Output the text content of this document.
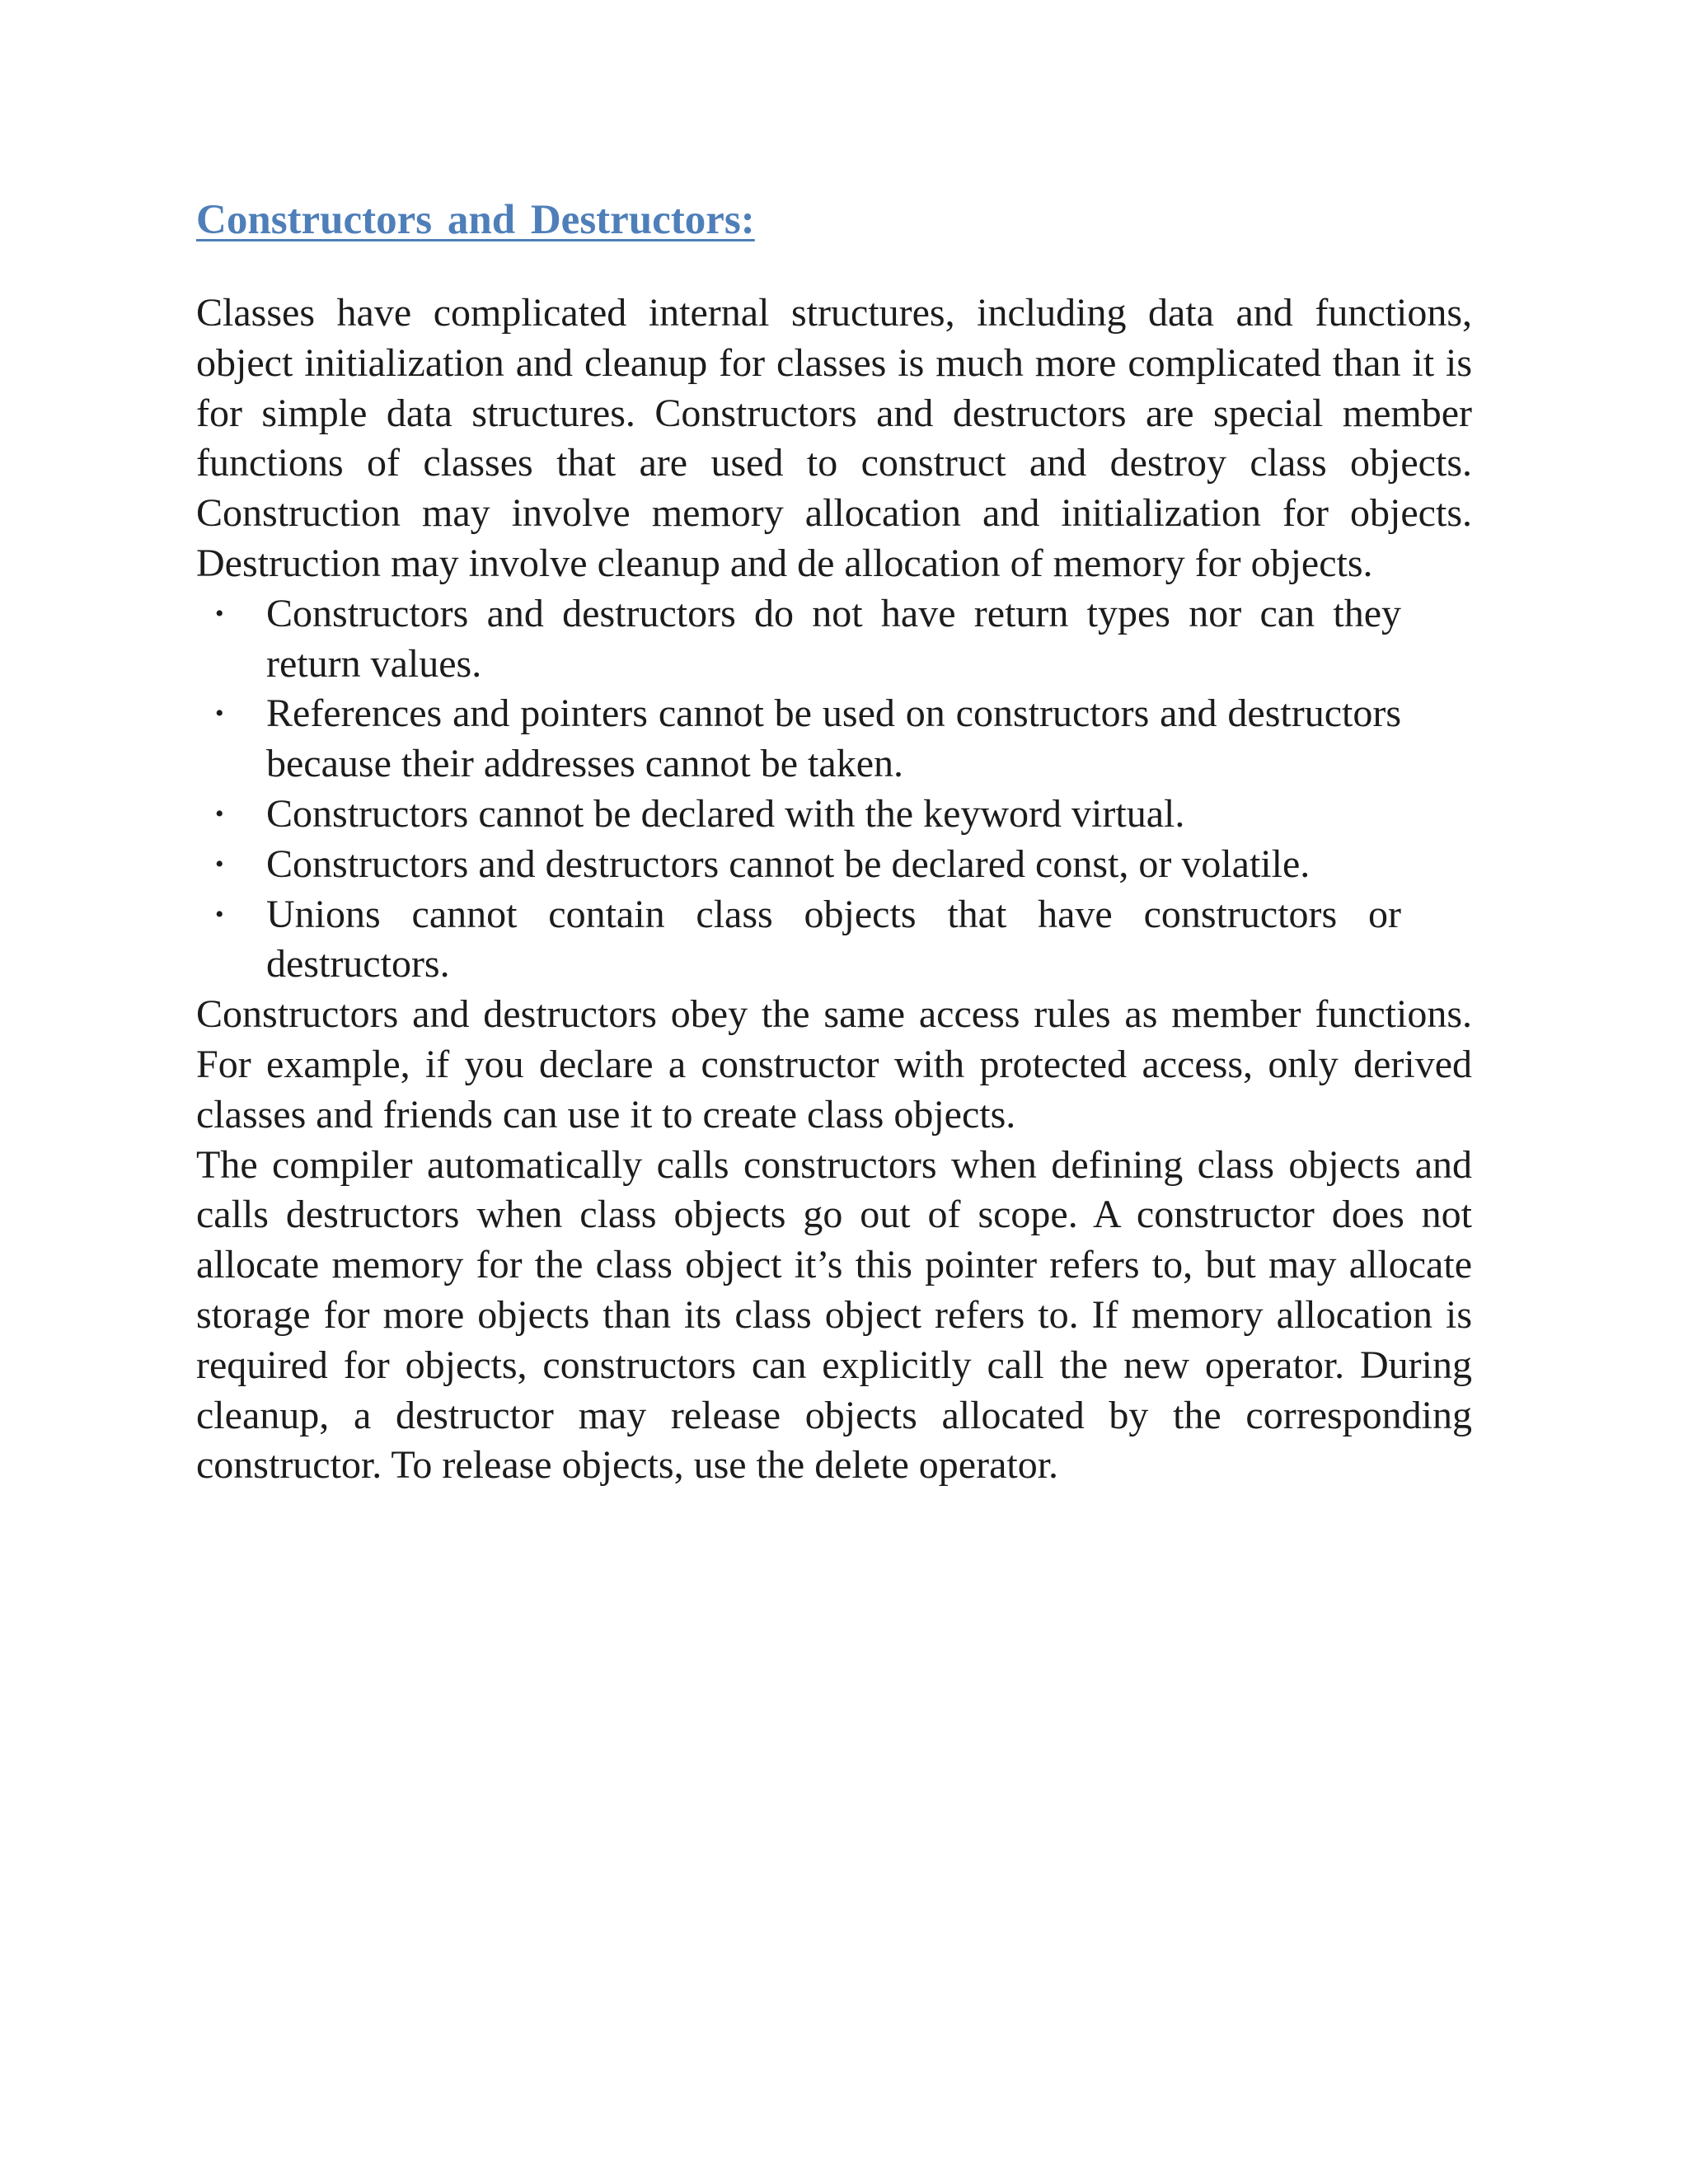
Constructors and Destructors:

Classes have complicated internal structures, including data and functions, object initialization and cleanup for classes is much more complicated than it is for simple data structures. Constructors and destructors are special member functions of classes that are used to construct and destroy class objects. Construction may involve memory allocation and initialization for objects. Destruction may involve cleanup and de allocation of memory for objects.

• Constructors and destructors do not have return types nor can they return values.
• References and pointers cannot be used on constructors and destructors because their addresses cannot be taken.
• Constructors cannot be declared with the keyword virtual.
• Constructors and destructors cannot be declared const, or volatile.
• Unions cannot contain class objects that have constructors or destructors.

Constructors and destructors obey the same access rules as member functions. For example, if you declare a constructor with protected access, only derived classes and friends can use it to create class objects.

The compiler automatically calls constructors when defining class objects and calls destructors when class objects go out of scope. A constructor does not allocate memory for the class object it’s this pointer refers to, but may allocate storage for more objects than its class object refers to. If memory allocation is required for objects, constructors can explicitly call the new operator. During cleanup, a destructor may release objects allocated by the corresponding constructor. To release objects, use the delete operator.
